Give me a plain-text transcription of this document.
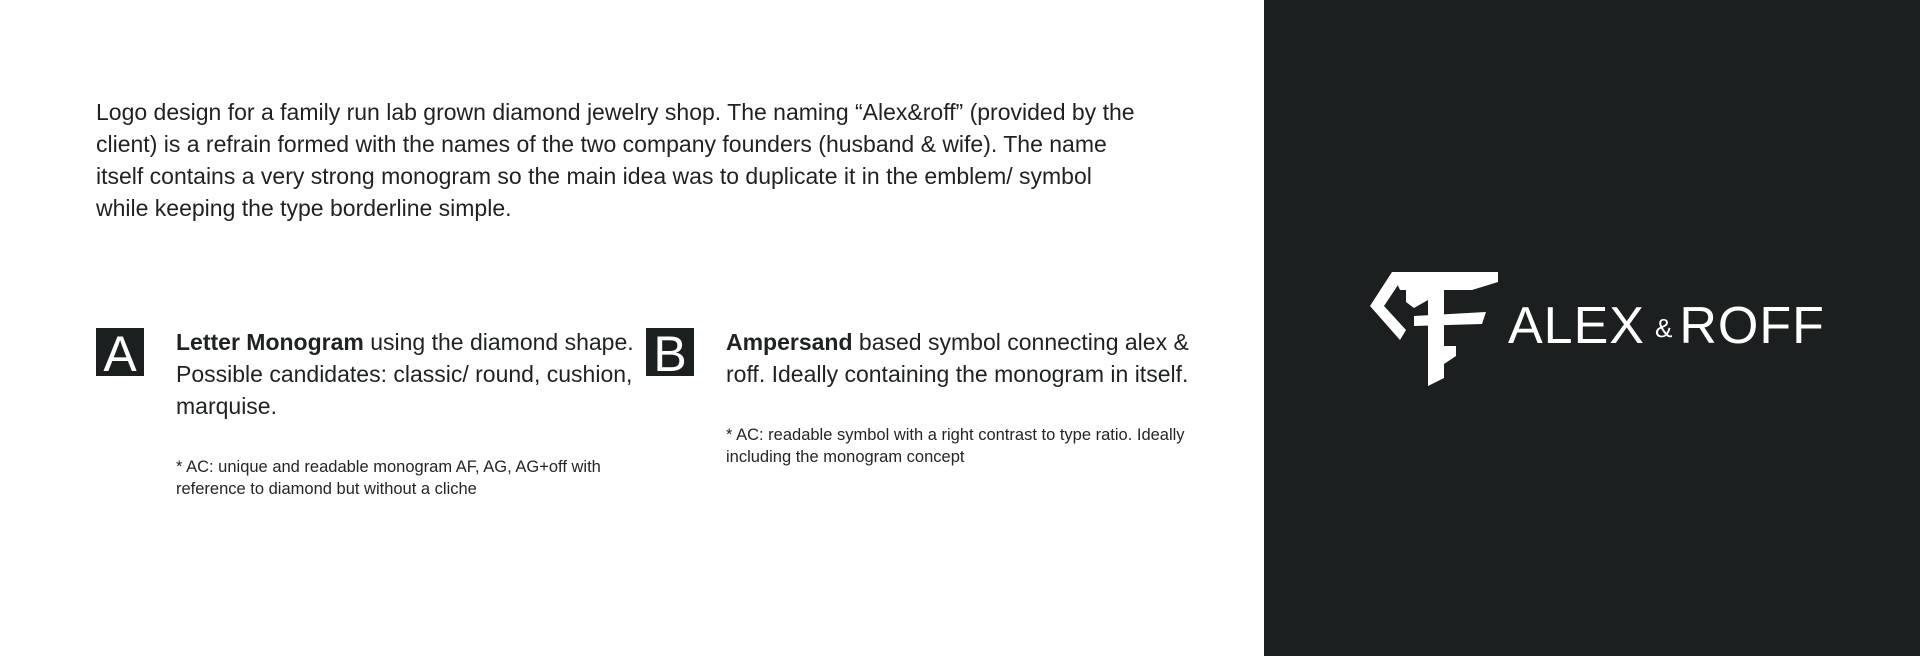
Logo design for a family run lab grown diamond jewelry shop. The naming “Alex&roff” (provided by the client) is a refrain formed with the names of the two company founders (husband & wife). The name itself contains a very strong monogram so the main idea was to duplicate it in the emblem/ symbol while keeping the type borderline simple.

A	Letter Monogram using the diamond shape. Possible candidates: classic/ round, cushion, marquise.

* AC: unique and readable monogram AF, AG, AG+off with reference to diamond but without a cliche

B	Ampersand based symbol connecting alex & roff. Ideally containing the monogram in itself.

* AC: readable symbol with a right contrast to type ratio. Ideally including the monogram concept

ALEX & ROFF
